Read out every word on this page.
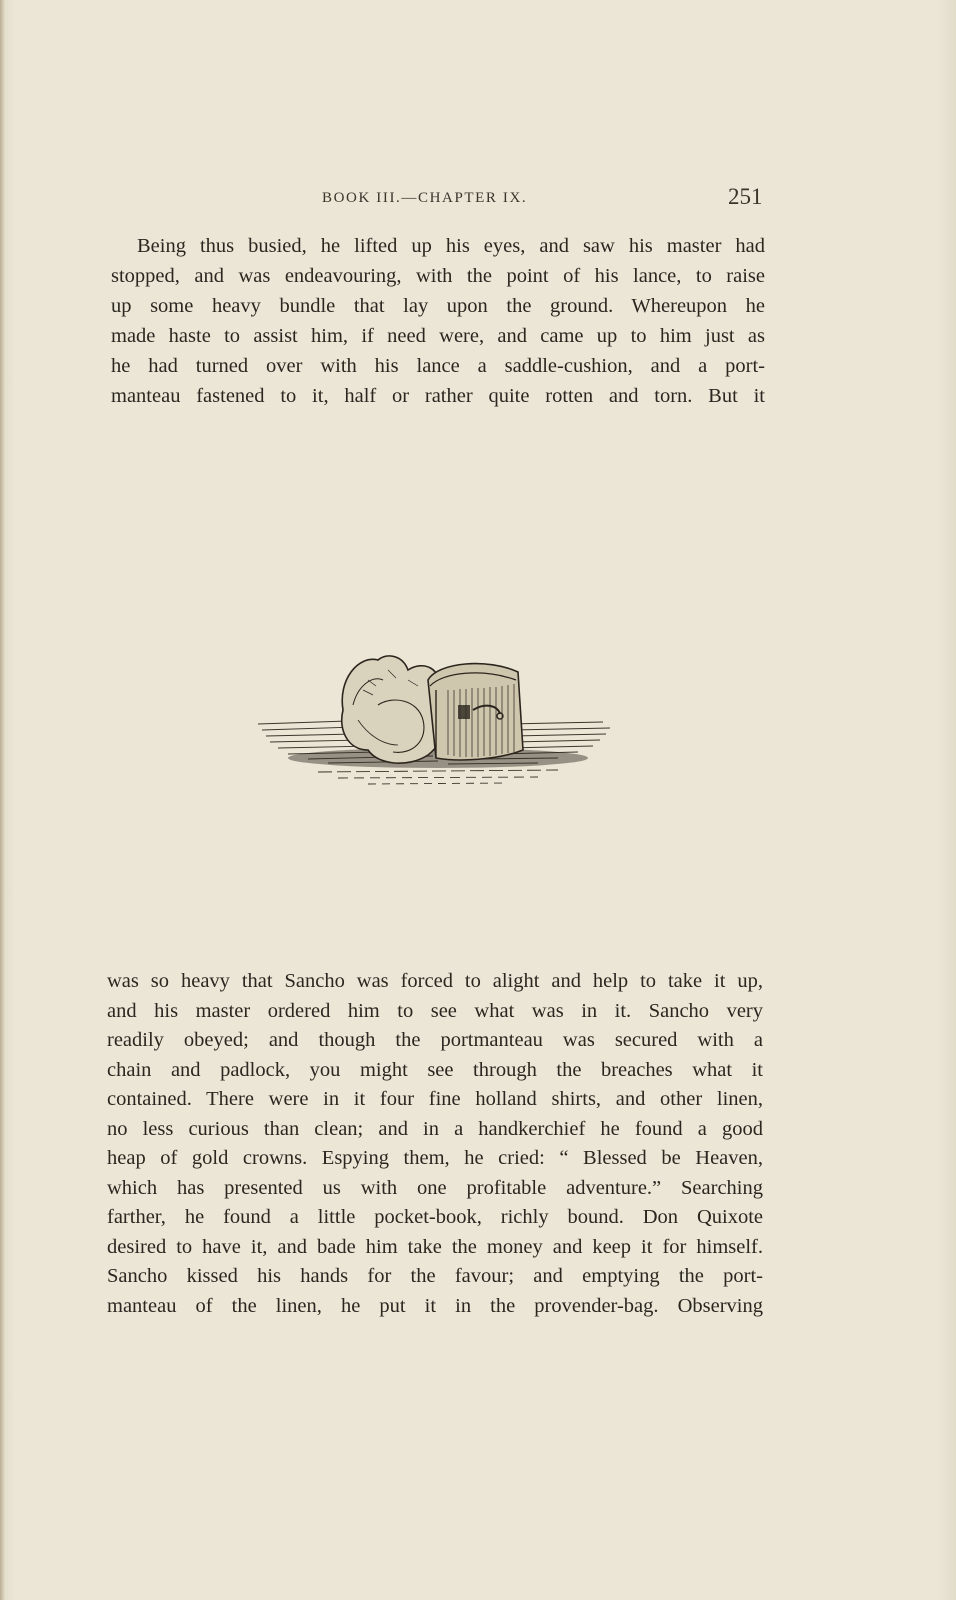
BOOK III.—CHAPTER IX.	251

Being thus busied, he lifted up his eyes, and saw his master had
stopped, and was endeavouring, with the point of his lance, to raise
up some heavy bundle that lay upon the ground. Whereupon he
made haste to assist him, if need were, and came up to him just as
he had turned over with his lance a saddle-cushion, and a port-
manteau fastened to it, half or rather quite rotten and torn. But it

was so heavy that Sancho was forced to alight and help to take it up,
and his master ordered him to see what was in it. Sancho very
readily obeyed; and though the portmanteau was secured with a
chain and padlock, you might see through the breaches what it
contained. There were in it four fine holland shirts, and other linen,
no less curious than clean; and in a handkerchief he found a good
heap of gold crowns. Espying them, he cried: “ Blessed be Heaven,
which has presented us with one profitable adventure.” Searching
farther, he found a little pocket-book, richly bound. Don Quixote
desired to have it, and bade him take the money and keep it for himself.
Sancho kissed his hands for the favour; and emptying the port-
manteau of the linen, he put it in the provender-bag. Observing
